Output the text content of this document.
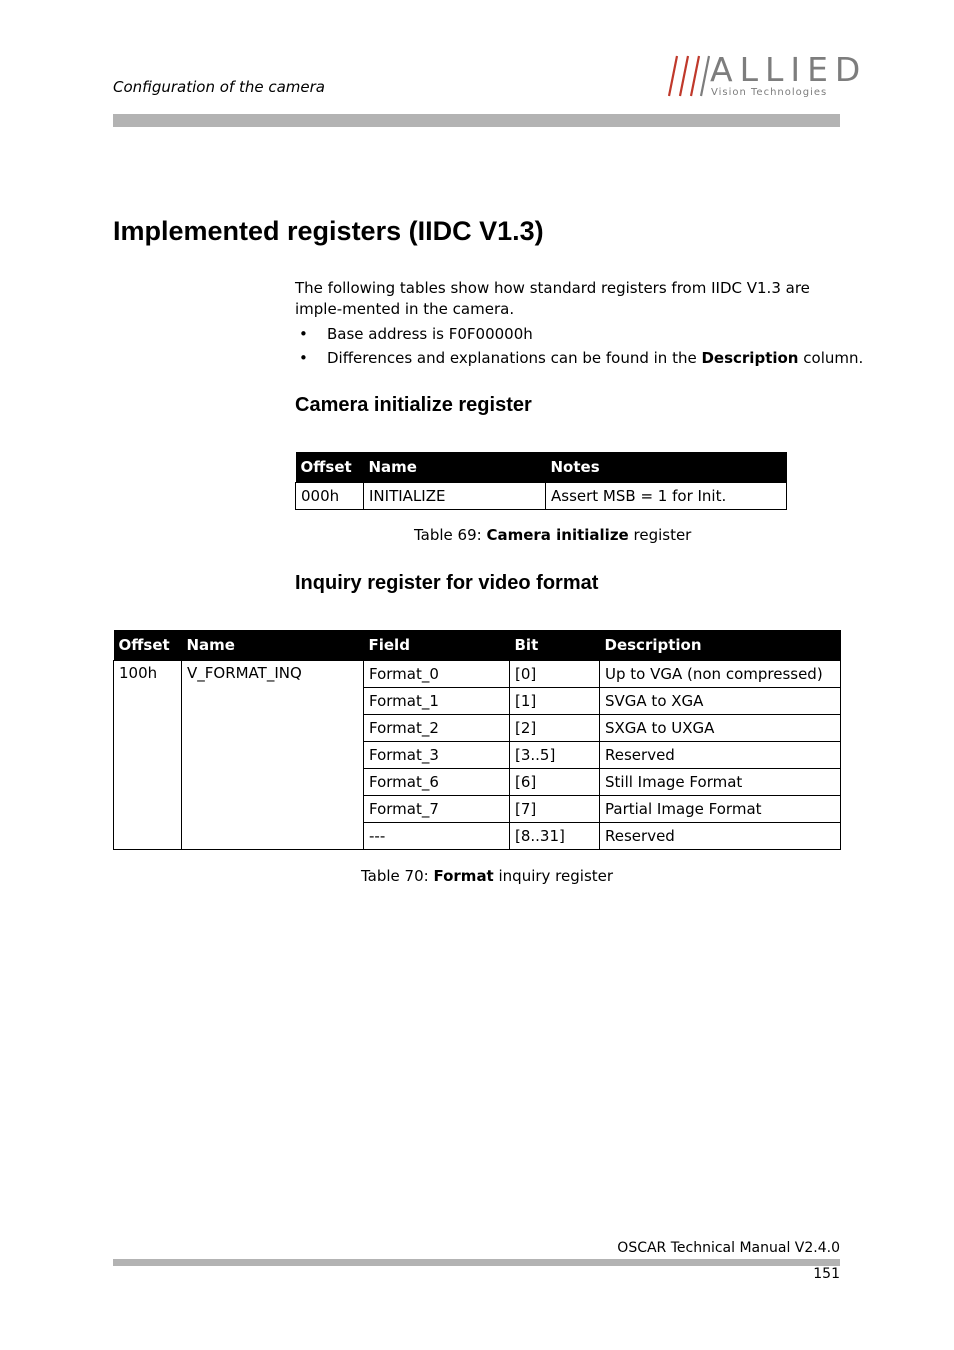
Configuration of the camera	ALLIED
Vision Technologies
Implemented registers (IIDC V1.3)
The following tables show how standard registers from IIDC V1.3 are imple-mented in the camera.
• Base address is F0F00000h
• Differences and explanations can be found in the Description column.
Camera initialize register
Offset	Name	Notes
000h	INITIALIZE	Assert MSB = 1 for Init.
Table 69: Camera initialize register
Inquiry register for video format
Offset	Name	Field	Bit	Description
100h	V_FORMAT_INQ	Format_0	[0]	Up to VGA (non compressed)
		Format_1	[1]	SVGA to XGA
		Format_2	[2]	SXGA to UXGA
		Format_3	[3..5]	Reserved
		Format_6	[6]	Still Image Format
		Format_7	[7]	Partial Image Format
		---	[8..31]	Reserved
Table 70: Format inquiry register
OSCAR Technical Manual V2.4.0
151
